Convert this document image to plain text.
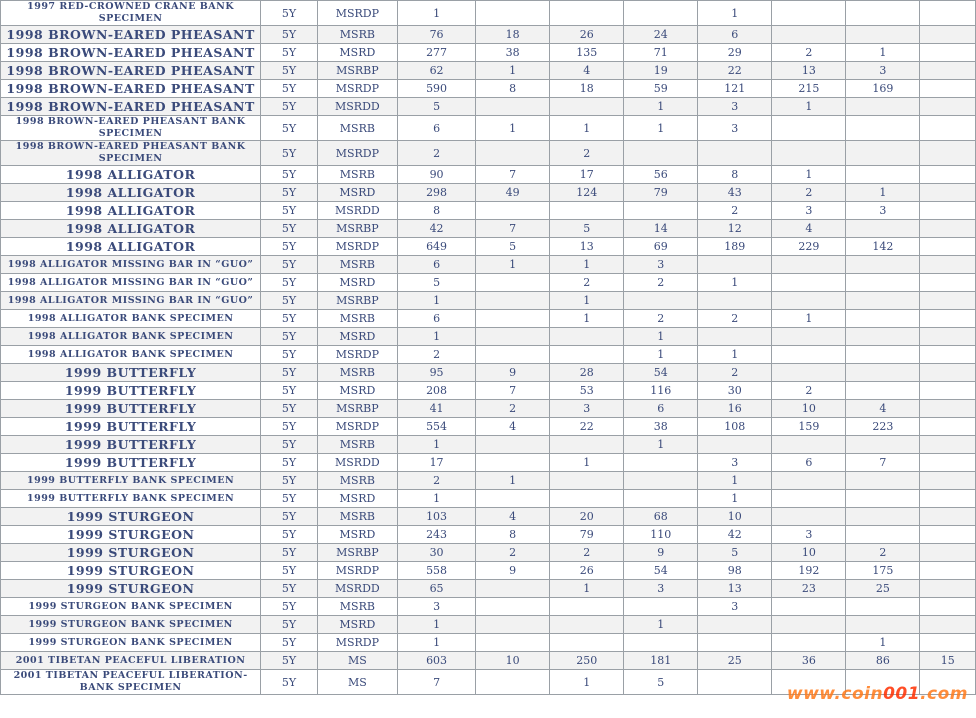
1997 RED-CROWNED CRANE BANK SPECIMEN	5Y	MSRDP	1				1			
1998 BROWN-EARED PHEASANT	5Y	MSRB	76	18	26	24	6			
1998 BROWN-EARED PHEASANT	5Y	MSRD	277	38	135	71	29	2	1	
1998 BROWN-EARED PHEASANT	5Y	MSRBP	62	1	4	19	22	13	3	
1998 BROWN-EARED PHEASANT	5Y	MSRDP	590	8	18	59	121	215	169	
1998 BROWN-EARED PHEASANT	5Y	MSRDD	5			1	3	1		
1998 BROWN-EARED PHEASANT BANK SPECIMEN	5Y	MSRB	6	1	1	1	3			
1998 BROWN-EARED PHEASANT BANK SPECIMEN	5Y	MSRDP	2		2					
1998 ALLIGATOR	5Y	MSRB	90	7	17	56	8	1		
1998 ALLIGATOR	5Y	MSRD	298	49	124	79	43	2	1	
1998 ALLIGATOR	5Y	MSRDD	8				2	3	3	
1998 ALLIGATOR	5Y	MSRBP	42	7	5	14	12	4		
1998 ALLIGATOR	5Y	MSRDP	649	5	13	69	189	229	142	
1998 ALLIGATOR MISSING BAR IN “GUO”	5Y	MSRB	6	1	1	3				
1998 ALLIGATOR MISSING BAR IN “GUO”	5Y	MSRD	5		2	2	1			
1998 ALLIGATOR MISSING BAR IN “GUO”	5Y	MSRBP	1		1					
1998 ALLIGATOR BANK SPECIMEN	5Y	MSRB	6		1	2	2	1		
1998 ALLIGATOR BANK SPECIMEN	5Y	MSRD	1			1				
1998 ALLIGATOR BANK SPECIMEN	5Y	MSRDP	2			1	1			
1999 BUTTERFLY	5Y	MSRB	95	9	28	54	2			
1999 BUTTERFLY	5Y	MSRD	208	7	53	116	30	2		
1999 BUTTERFLY	5Y	MSRBP	41	2	3	6	16	10	4	
1999 BUTTERFLY	5Y	MSRDP	554	4	22	38	108	159	223	
1999 BUTTERFLY	5Y	MSRB	1			1				
1999 BUTTERFLY	5Y	MSRDD	17		1		3	6	7	
1999 BUTTERFLY BANK SPECIMEN	5Y	MSRB	2	1			1			
1999 BUTTERFLY BANK SPECIMEN	5Y	MSRD	1				1			
1999 STURGEON	5Y	MSRB	103	4	20	68	10			
1999 STURGEON	5Y	MSRD	243	8	79	110	42	3		
1999 STURGEON	5Y	MSRBP	30	2	2	9	5	10	2	
1999 STURGEON	5Y	MSRDP	558	9	26	54	98	192	175	
1999 STURGEON	5Y	MSRDD	65		1	3	13	23	25	
1999 STURGEON BANK SPECIMEN	5Y	MSRB	3				3			
1999 STURGEON BANK SPECIMEN	5Y	MSRD	1			1				
1999 STURGEON BANK SPECIMEN	5Y	MSRDP	1						1	
2001 TIBETAN PEACEFUL LIBERATION	5Y	MS	603	10	250	181	25	36	86	15
2001 TIBETAN PEACEFUL LIBERATION-BANK SPECIMEN	5Y	MS	7		1	5				
www.coin001.com
